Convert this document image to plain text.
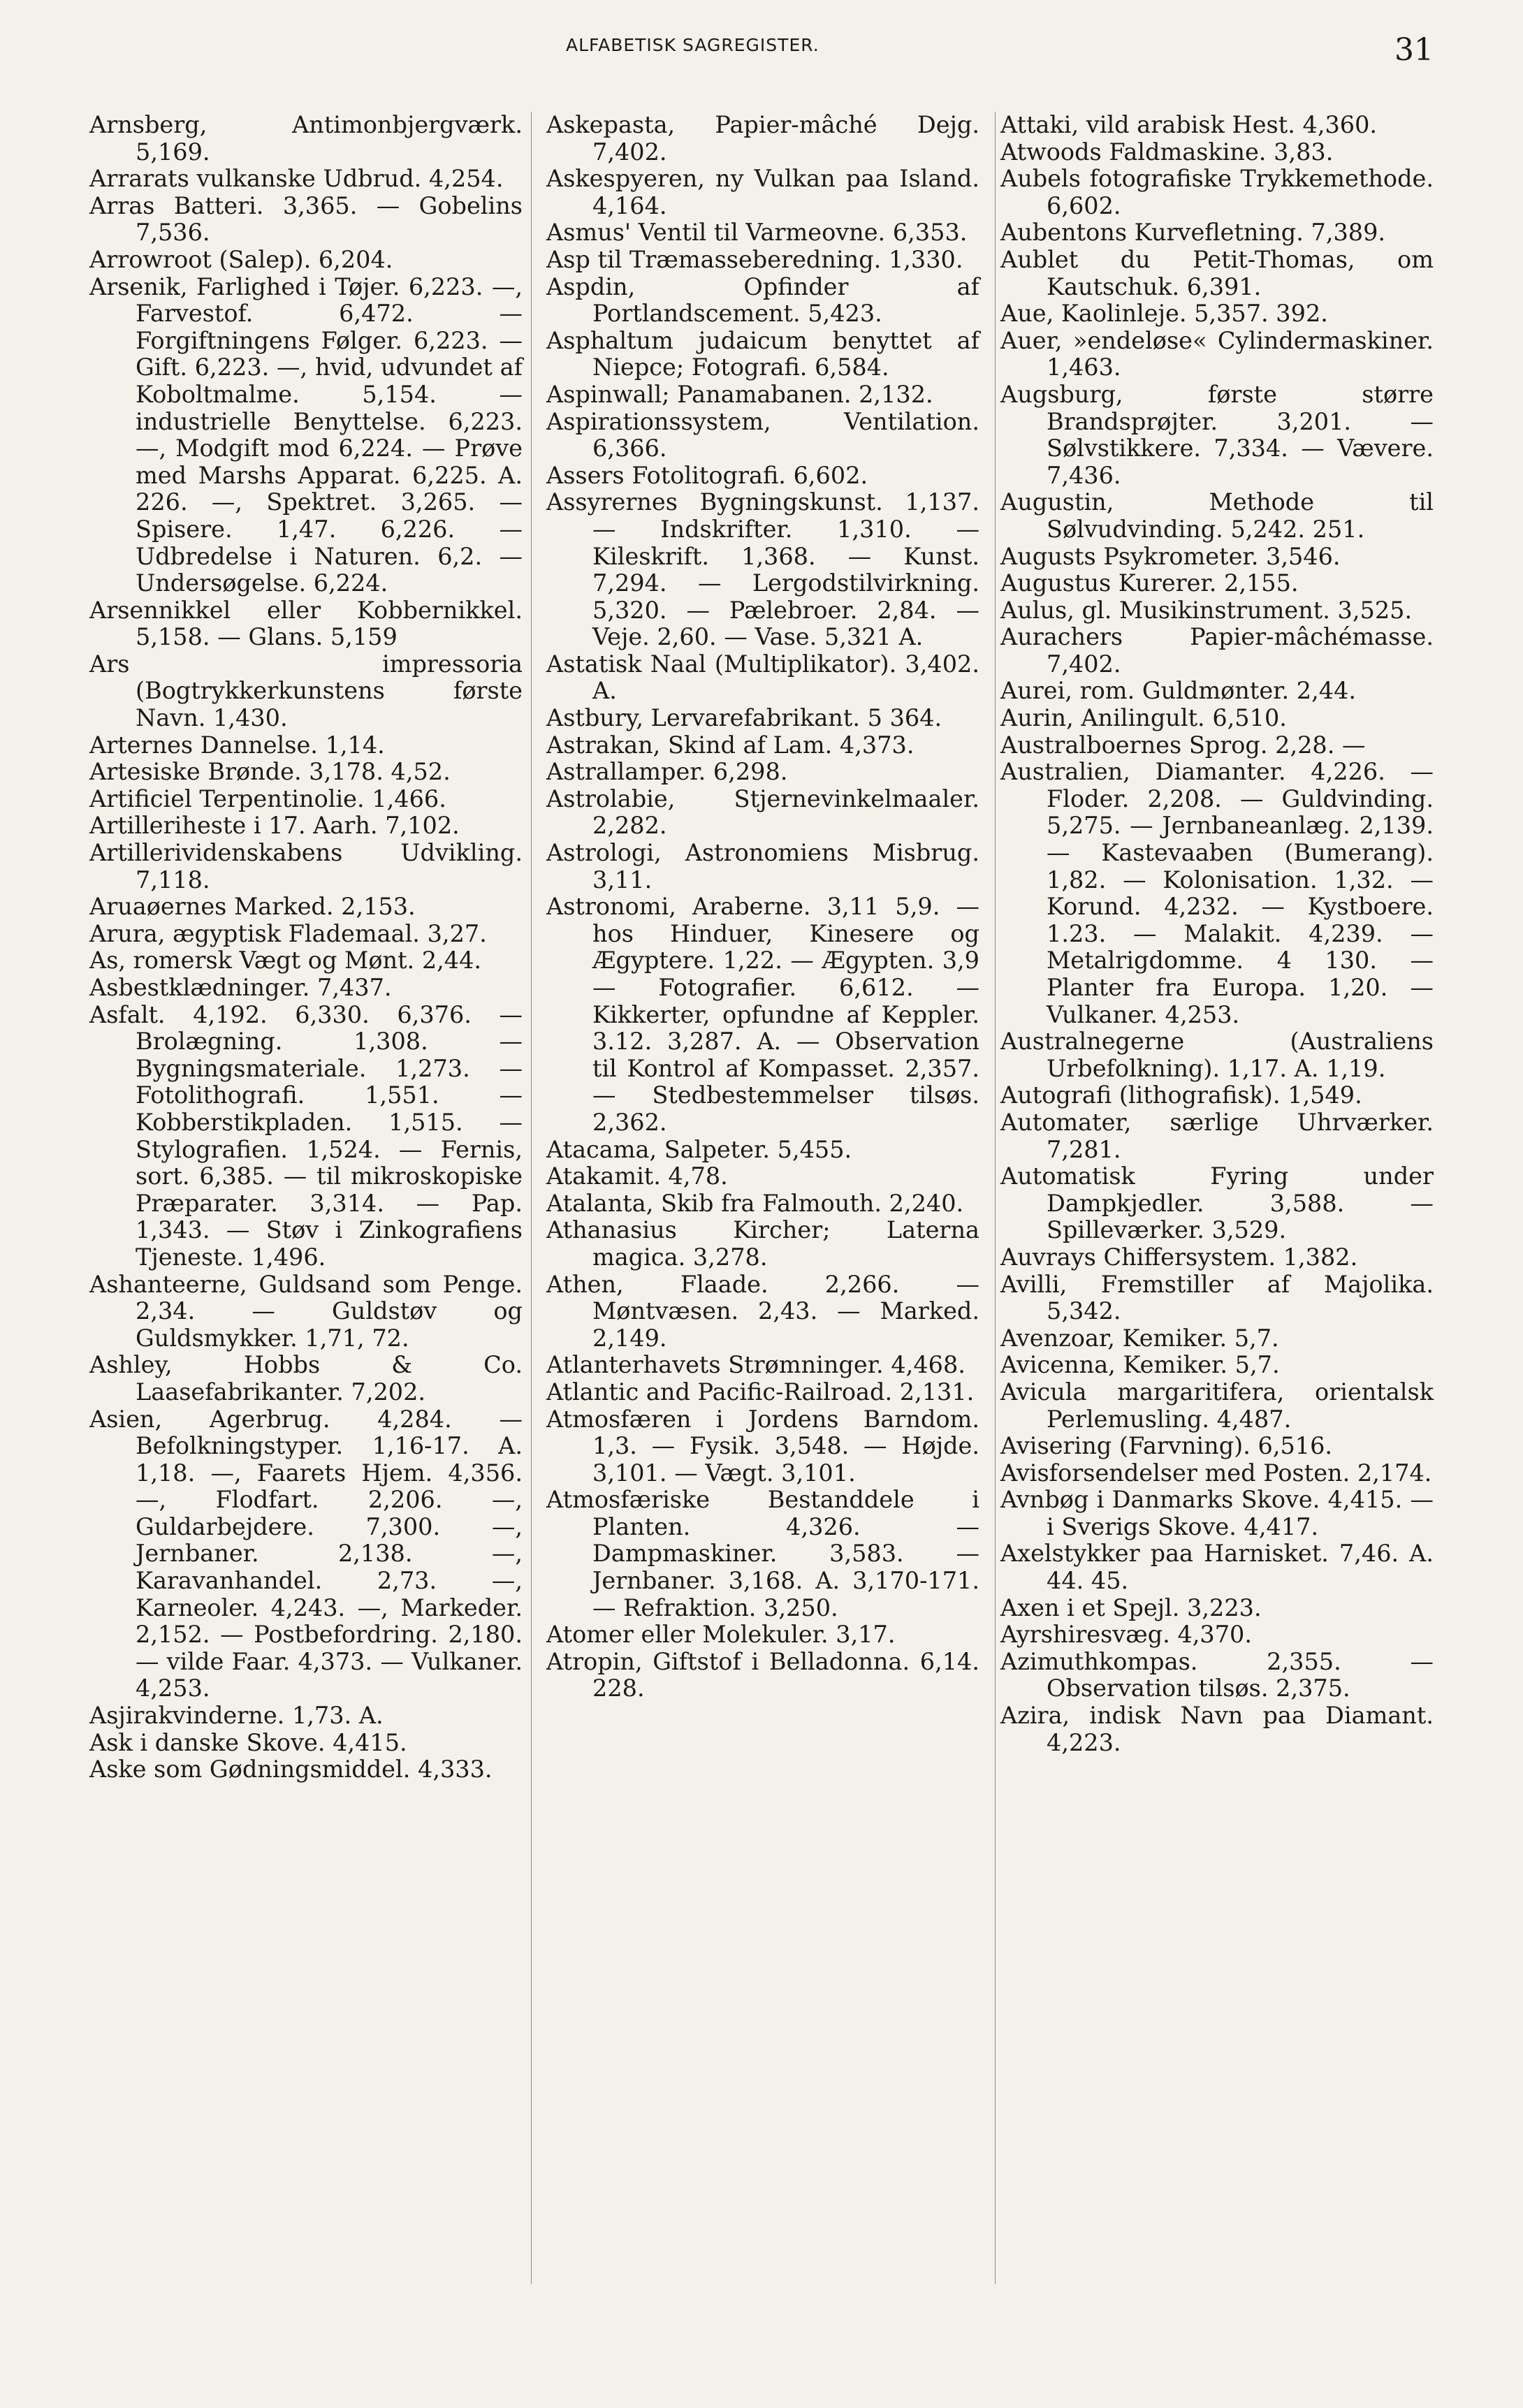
ALFABETISK SAGREGISTER.	31

Arnsberg, Antimonbjergværk. 5,169.

Arrarats vulkanske Udbrud. 4,254.

Arras Batteri. 3,365. — Gobelins 7,536.

Arrowroot (Salep). 6,204.

Arsenik, Farlighed i Tøjer. 6,223. —, Farvestof. 6,472. — Forgiftningens Følger. 6,223. — Gift. 6,223. —, hvid, udvundet af Koboltmalme. 5,154. — industrielle Benyttelse. 6,223. —, Modgift mod 6,224. — Prøve med Marshs Apparat. 6,225. A. 226. —, Spektret. 3,265. — Spisere. 1,47. 6,226. — Udbredelse i Naturen. 6,2. — Undersøgelse. 6,224.

Arsennikkel eller Kobbernikkel. 5,158. — Glans. 5,159

Ars impressoria (Bogtrykkerkunstens første Navn. 1,430.

Arternes Dannelse. 1,14.

Artesiske Brønde. 3,178. 4,52.

Artificiel Terpentinolie. 1,466.

Artilleriheste i 17. Aarh. 7,102.

Artillerividenskabens Udvikling. 7,118.

Aruaøernes Marked. 2,153.

Arura, ægyptisk Flademaal. 3,27.

As, romersk Vægt og Mønt. 2,44.

Asbestklædninger. 7,437.

Asfalt. 4,192. 6,330. 6,376. — Brolægning. 1,308. — Bygningsmateriale. 1,273. — Fotolithografi. 1,551. — Kobberstikpladen. 1,515. — Stylografien. 1,524. — Fernis, sort. 6,385. — til mikroskopiske Præparater. 3,314. — Pap. 1,343. — Støv i Zinkografiens Tjeneste. 1,496.

Ashanteerne, Guldsand som Penge. 2,34. — Guldstøv og Guldsmykker. 1,71, 72.

Ashley, Hobbs & Co. Laasefabrikanter. 7,202.

Asien, Agerbrug. 4,284. — Befolkningstyper. 1,16-17. A. 1,18. —, Faarets Hjem. 4,356. —, Flodfart. 2,206. —, Guldarbejdere. 7,300. —, Jernbaner. 2,138. —, Karavanhandel. 2,73. —, Karneoler. 4,243. —, Markeder. 2,152. — Postbefordring. 2,180. — vilde Faar. 4,373. — Vulkaner. 4,253.

Asjirakvinderne. 1,73. A.

Ask i danske Skove. 4,415.

Aske som Gødningsmiddel. 4,333.

Askepasta, Papier-mâché Dejg. 7,402.

Askespyeren, ny Vulkan paa Island. 4,164.

Asmus' Ventil til Varmeovne. 6,353.

Asp til Træmasseberedning. 1,330.

Aspdin, Opfinder af Portlandscement. 5,423.

Asphaltum judaicum benyttet af Niepce; Fotografi. 6,584.

Aspinwall; Panamabanen. 2,132.

Aspirationssystem, Ventilation. 6,366.

Assers Fotolitografi. 6,602.

Assyrernes Bygningskunst. 1,137. — Indskrifter. 1,310. — Kileskrift. 1,368. — Kunst. 7,294. — Lergodstilvirkning. 5,320. — Pælebroer. 2,84. — Veje. 2,60. — Vase. 5,321 A.

Astatisk Naal (Multiplikator). 3,402. A.

Astbury, Lervarefabrikant. 5 364.

Astrakan, Skind af Lam. 4,373.

Astrallamper. 6,298.

Astrolabie, Stjernevinkelmaaler. 2,282.

Astrologi, Astronomiens Misbrug. 3,11.

Astronomi, Araberne. 3,11 5,9. — hos Hinduer, Kinesere og Ægyptere. 1,22. — Ægypten. 3,9 — Fotografier. 6,612. — Kikkerter, opfundne af Keppler. 3.12. 3,287. A. — Observation til Kontrol af Kompasset. 2,357. — Stedbestemmelser tilsøs. 2,362.

Atacama, Salpeter. 5,455.

Atakamit. 4,78.

Atalanta, Skib fra Falmouth. 2,240.

Athanasius Kircher; Laterna magica. 3,278.

Athen, Flaade. 2,266. — Møntvæsen. 2,43. — Marked. 2,149.

Atlanterhavets Strømninger. 4,468.

Atlantic and Pacific-Railroad. 2,131.

Atmosfæren i Jordens Barndom. 1,3. — Fysik. 3,548. — Højde. 3,101. — Vægt. 3,101.

Atmosfæriske Bestanddele i Planten. 4,326. — Dampmaskiner. 3,583. — Jernbaner. 3,168. A. 3,170-171. — Refraktion. 3,250.

Atomer eller Molekuler. 3,17.

Atropin, Giftstof i Belladonna. 6,14. 228.

Attaki, vild arabisk Hest. 4,360.

Atwoods Faldmaskine. 3,83.

Aubels fotografiske Trykkemethode. 6,602.

Aubentons Kurvefletning. 7,389.

Aublet du Petit-Thomas, om Kautschuk. 6,391.

Aue, Kaolinleje. 5,357. 392.

Auer, »endeløse« Cylindermaskiner. 1,463.

Augsburg, første større Brandsprøjter. 3,201. — Sølvstikkere. 7,334. — Vævere. 7,436.

Augustin, Methode til Sølvudvinding. 5,242. 251.

Augusts Psykrometer. 3,546.

Augustus Kurerer. 2,155.

Aulus, gl. Musikinstrument. 3,525.

Aurachers Papier-mâchémasse. 7,402.

Aurei, rom. Guldmønter. 2,44.

Aurin, Anilingult. 6,510.

Australboernes Sprog. 2,28. —

Australien, Diamanter. 4,226. — Floder. 2,208. — Guldvinding. 5,275. — Jernbaneanlæg. 2,139. — Kastevaaben (Bumerang). 1,82. — Kolonisation. 1,32. — Korund. 4,232. — Kystboere. 1.23. — Malakit. 4,239. — Metalrigdomme. 4 130. — Planter fra Europa. 1,20. — Vulkaner. 4,253.

Australnegerne (Australiens Urbefolkning). 1,17. A. 1,19.

Autografi (lithografisk). 1,549.

Automater, særlige Uhrværker. 7,281.

Automatisk Fyring under Dampkjedler. 3,588. — Spilleværker. 3,529.

Auvrays Chiffersystem. 1,382.

Avilli, Fremstiller af Majolika. 5,342.

Avenzoar, Kemiker. 5,7.

Avicenna, Kemiker. 5,7.

Avicula margaritifera, orientalsk Perlemusling. 4,487.

Avisering (Farvning). 6,516.

Avisforsendelser med Posten. 2,174.

Avnbøg i Danmarks Skove. 4,415. — i Sverigs Skove. 4,417.

Axelstykker paa Harnisket. 7,46. A. 44. 45.

Axen i et Spejl. 3,223.

Ayrshiresvæg. 4,370.

Azimuthkompas. 2,355. — Observation tilsøs. 2,375.

Azira, indisk Navn paa Diamant. 4,223.
